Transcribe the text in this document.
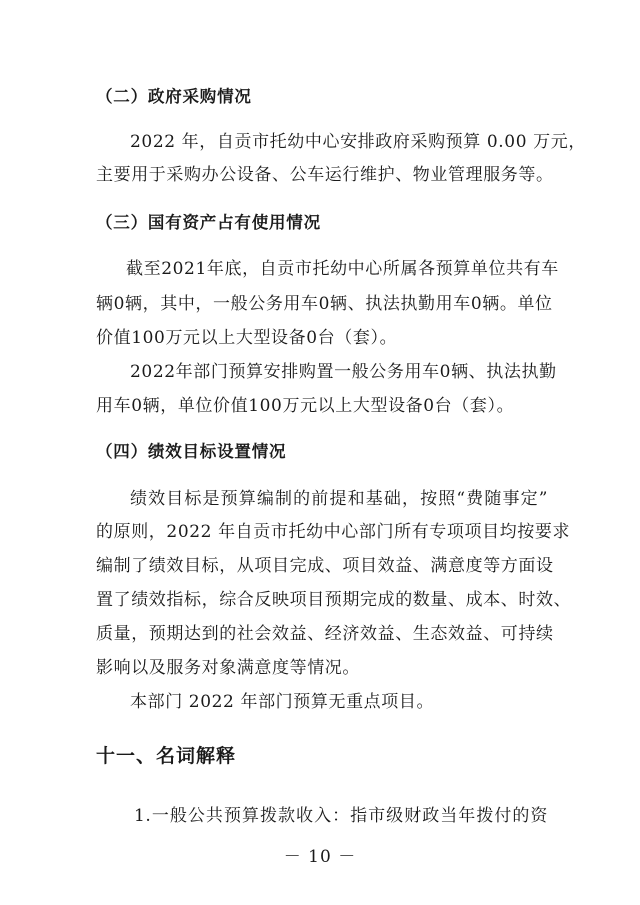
（二）政府采购情况
2022 年，自贡市托幼中心安排政府采购预算 0.00 万元，
主要用于采购办公设备、公车运行维护、物业管理服务等。
（三）国有资产占有使用情况
截至2021年底，自贡市托幼中心所属各预算单位共有车
辆0辆，其中，一般公务用车0辆、执法执勤用车0辆。单位
价值100万元以上大型设备0台（套）。
2022年部门预算安排购置一般公务用车0辆、执法执勤
用车0辆，单位价值100万元以上大型设备0台（套）。
（四）绩效目标设置情况
绩效目标是预算编制的前提和基础，按照“费随事定”
的原则，2022 年自贡市托幼中心部门所有专项项目均按要求
编制了绩效目标，从项目完成、项目效益、满意度等方面设
置了绩效指标，综合反映项目预期完成的数量、成本、时效、
质量，预期达到的社会效益、经济效益、生态效益、可持续
影响以及服务对象满意度等情况。
本部门 2022 年部门预算无重点项目。
十一、名词解释
1.一般公共预算拨款收入：指市级财政当年拨付的资
－ 10 －
